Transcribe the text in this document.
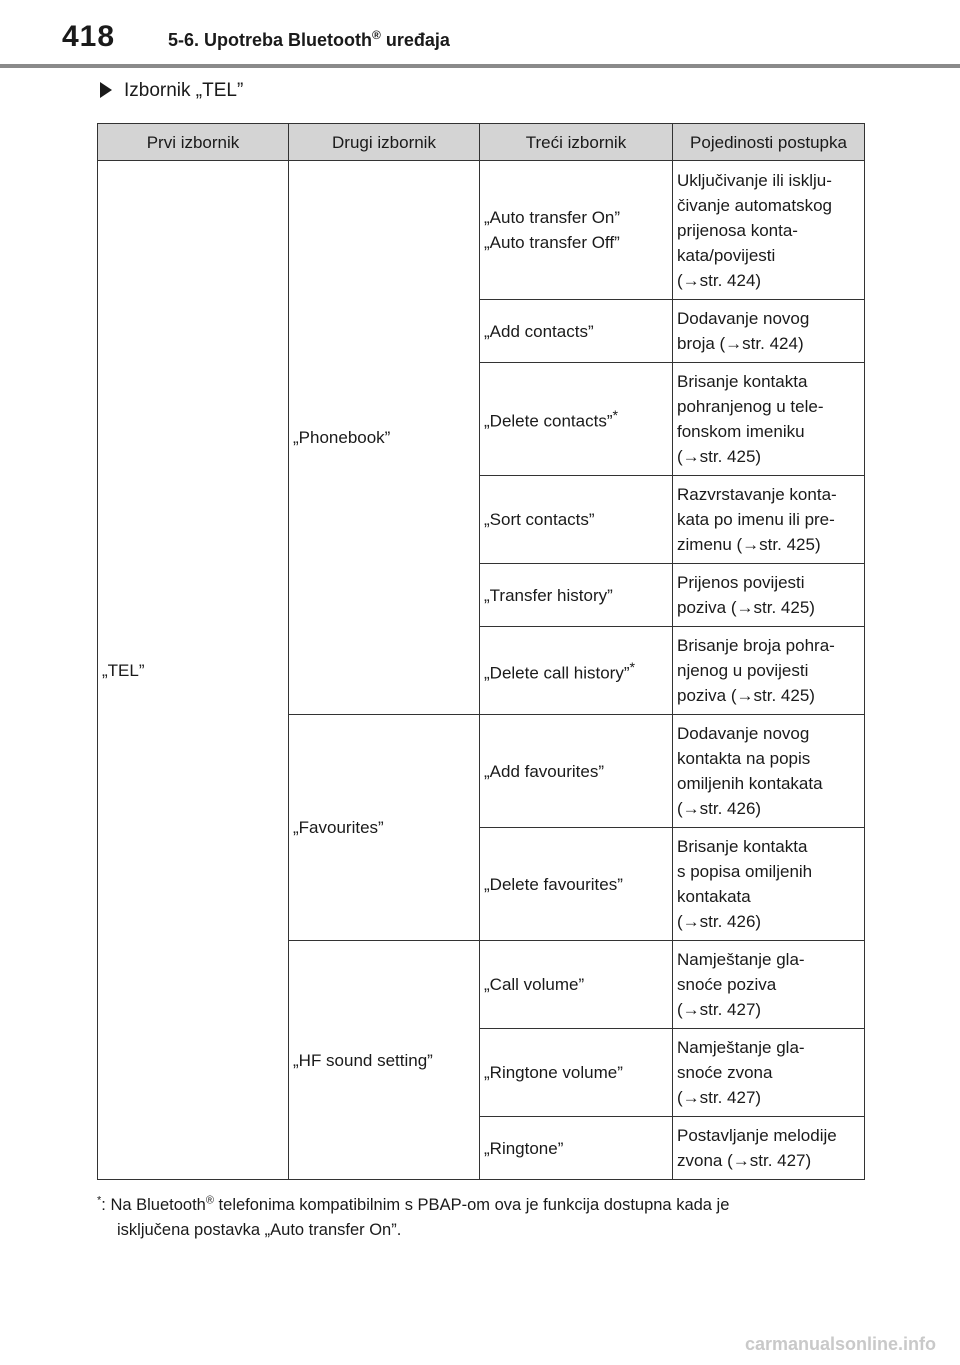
418	5-6. Upotreba Bluetooth® uređaja
Izbornik „TEL”
Prvi izbornik	Drugi izbornik	Treći izbornik	Pojedinosti postupka
„TEL”	„Phonebook”	„Auto transfer On”
„Auto transfer Off”	Uključivanje ili isklju-
čivanje automatskog
prijenosa konta-
kata/povijesti
(→str. 424)
		„Add contacts”	Dodavanje novog
broja (→str. 424)
		„Delete contacts”*	Brisanje kontakta
pohranjenog u tele-
fonskom imeniku
(→str. 425)
		„Sort contacts”	Razvrstavanje konta-
kata po imenu ili pre-
zimenu (→str. 425)
		„Transfer history”	Prijenos povijesti
poziva (→str. 425)
		„Delete call history”*	Brisanje broja pohra-
njenog u povijesti
poziva (→str. 425)
	„Favourites”	„Add favourites”	Dodavanje novog
kontakta na popis
omiljenih kontakata
(→str. 426)
		„Delete favourites”	Brisanje kontakta
s popisa omiljenih
kontakata
(→str. 426)
	„HF sound setting”	„Call volume”	Namještanje gla-
snoće poziva
(→str. 427)
		„Ringtone volume”	Namještanje gla-
snoće zvona
(→str. 427)
		„Ringtone”	Postavljanje melodije
zvona (→str. 427)
*: Na Bluetooth® telefonima kompatibilnim s PBAP-om ova je funkcija dostupna kada je
isključena postavka „Auto transfer On”.
carmanualsonline.info
